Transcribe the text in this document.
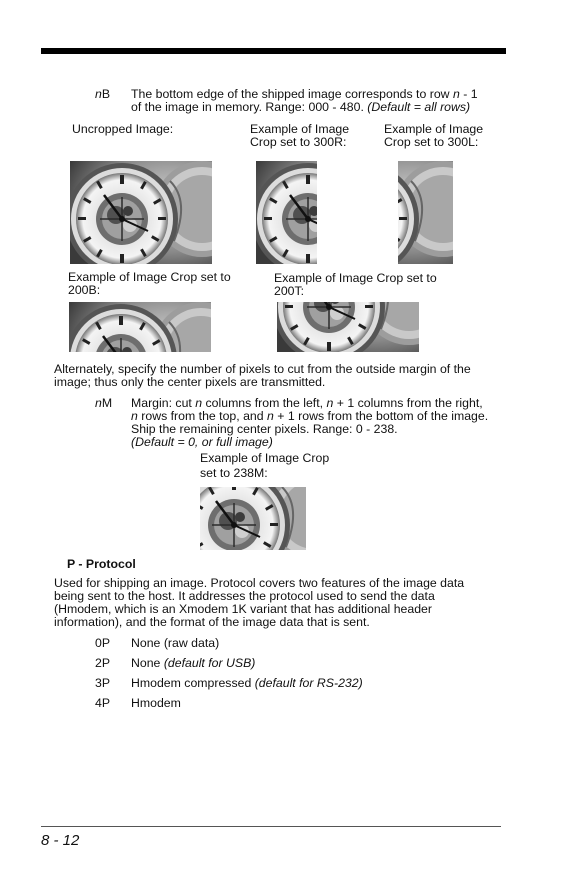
nB The bottom edge of the shipped image corresponds to row n - 1
of the image in memory. Range: 000 - 480. (Default = all rows)
Uncropped Image:	Example of Image
Crop set to 300R:
Example of Image
Crop set to 300L:
Example of Image Crop set to
200B:
Example of Image Crop set to
200T:
Alternately, specify the number of pixels to cut from the outside margin of the
image; thus only the center pixels are transmitted.
nM Margin: cut n columns from the left, n + 1 columns from the right,
n rows from the top, and n + 1 rows from the bottom of the image.
Ship the remaining center pixels. Range: 0 - 238.
(Default = 0, or full image)
Example of Image Crop
set to 238M:
P - Protocol
Used for shipping an image. Protocol covers two features of the image data
being sent to the host. It addresses the protocol used to send the data
(Hmodem, which is an Xmodem 1K variant that has additional header
information), and the format of the image data that is sent.
0P None (raw data)
2P None (default for USB)
3P Hmodem compressed (default for RS-232)
4P Hmodem
8 - 12
